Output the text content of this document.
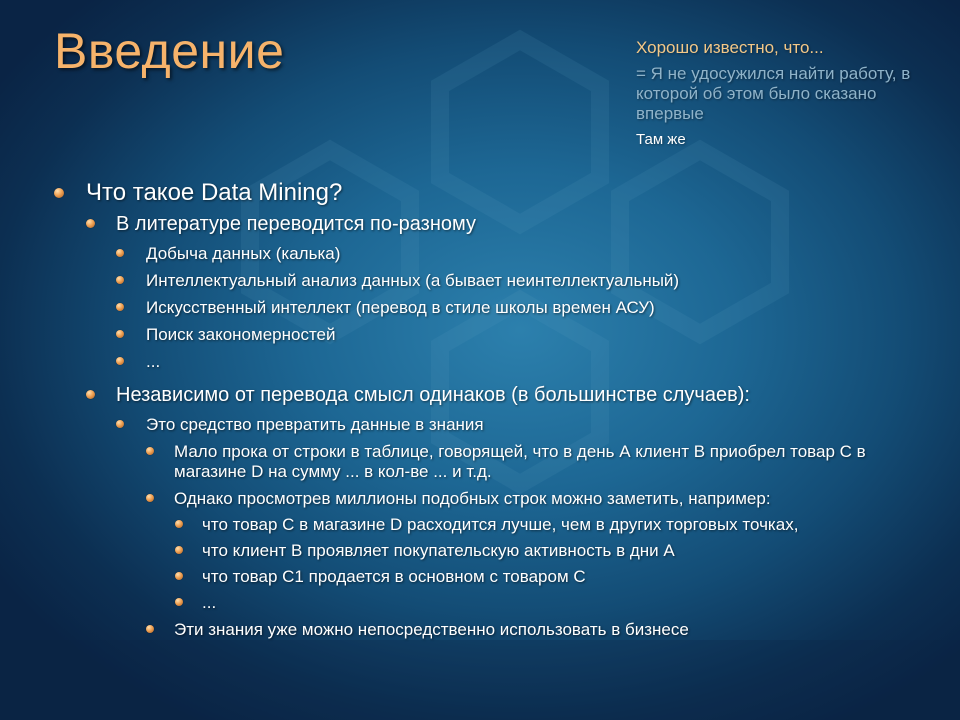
Введение	Хорошо известно, что...
= Я не удосужился найти работу, в которой об этом было сказано впервые
Там же
Что такое Data Mining?
В литературе переводится по-разному
Добыча данных (калька)
Интеллектуальный анализ данных (а бывает неинтеллектуальный)
Искусственный интеллект (перевод в стиле школы времен АСУ)
Поиск закономерностей
...
Независимо от перевода смысл одинаков (в большинстве случаев):
Это средство превратить данные в знания
Мало прока от строки в таблице, говорящей, что в день А клиент В приобрел товар С в магазине D на сумму ... в кол-ве ... и т.д.
Однако просмотрев миллионы подобных строк можно заметить, например:
что товар С в магазине D расходится лучше, чем в других торговых точках,
что клиент В проявляет покупательскую активность в дни А
что товар С1 продается в основном с товаром С
...
Эти знания уже можно непосредственно использовать в бизнесе
